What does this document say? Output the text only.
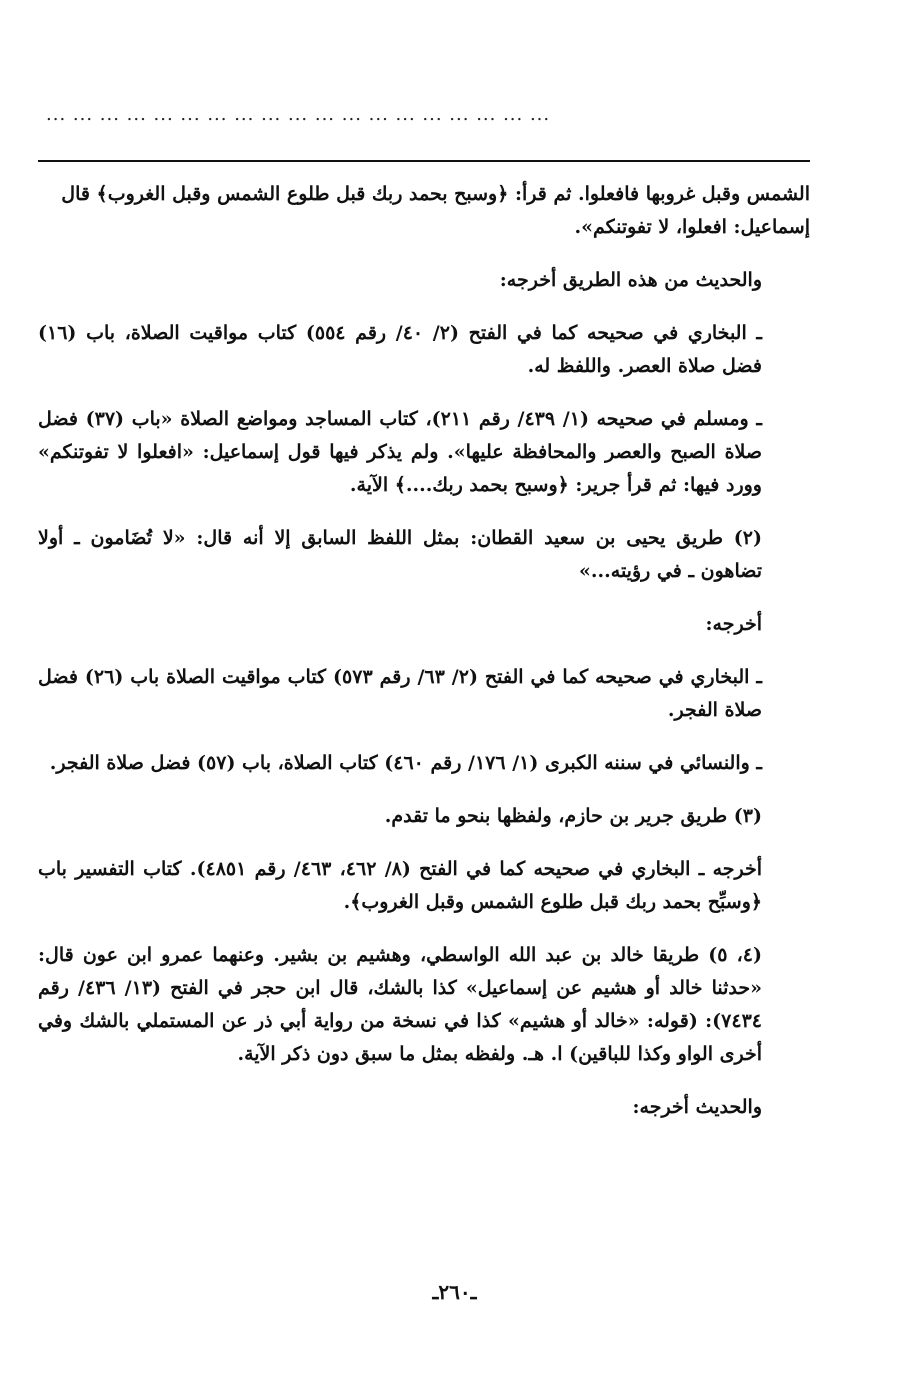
... ... ... ... ... ... ... ... ... ... ... ... ... ... ... ... ... ... ...

الشمس وقبل غروبها فافعلوا. ثم قرأ: ﴿وسبح بحمد ربك قبل طلوع الشمس وقبل الغروب﴾ قال إسماعيل: افعلوا، لا تفوتنكم».

والحديث من هذه الطريق أخرجه:

ـ البخاري في صحيحه كما في الفتح (٢/ ٤٠/ رقم ٥٥٤) كتاب مواقيت الصلاة، باب (١٦) فضل صلاة العصر. واللفظ له.

ـ ومسلم في صحيحه (١/ ٤٣٩/ رقم ٢١١)، كتاب المساجد ومواضع الصلاة «باب (٣٧) فضل صلاة الصبح والعصر والمحافظة عليها». ولم يذكر فيها قول إسماعيل: «افعلوا لا تفوتنكم» وورد فيها: ثم قرأ جرير: ﴿وسبح بحمد ربك....﴾ الآية.

(٢) طريق يحيى بن سعيد القطان: بمثل اللفظ السابق إلا أنه قال: «لا تُضَامون ـ أولا تضاهون ـ في رؤيته...»

أخرجه:

ـ البخاري في صحيحه كما في الفتح (٢/ ٦٣/ رقم ٥٧٣) كتاب مواقيت الصلاة باب (٢٦) فضل صلاة الفجر.

ـ والنسائي في سننه الكبرى (١/ ١٧٦/ رقم ٤٦٠) كتاب الصلاة، باب (٥٧) فضل صلاة الفجر.

(٣) طريق جرير بن حازم، ولفظها بنحو ما تقدم.

أخرجه ـ البخاري في صحيحه كما في الفتح (٨/ ٤٦٢، ٤٦٣/ رقم ٤٨٥١). كتاب التفسير باب ﴿وسبِّح بحمد ربك قبل طلوع الشمس وقبل الغروب﴾.

(٤، ٥) طريقا خالد بن عبد الله الواسطي، وهشيم بن بشير. وعنهما عمرو ابن عون قال: «حدثنا خالد أو هشيم عن إسماعيل» كذا بالشك، قال ابن حجر في الفتح (١٣/ ٤٣٦/ رقم ٧٤٣٤): (قوله: «خالد أو هشيم» كذا في نسخة من رواية أبي ذر عن المستملي بالشك وفي أخرى الواو وكذا للباقين) ا. هـ. ولفظه بمثل ما سبق دون ذكر الآية.

والحديث أخرجه:

ـ٢٦٠ـ
